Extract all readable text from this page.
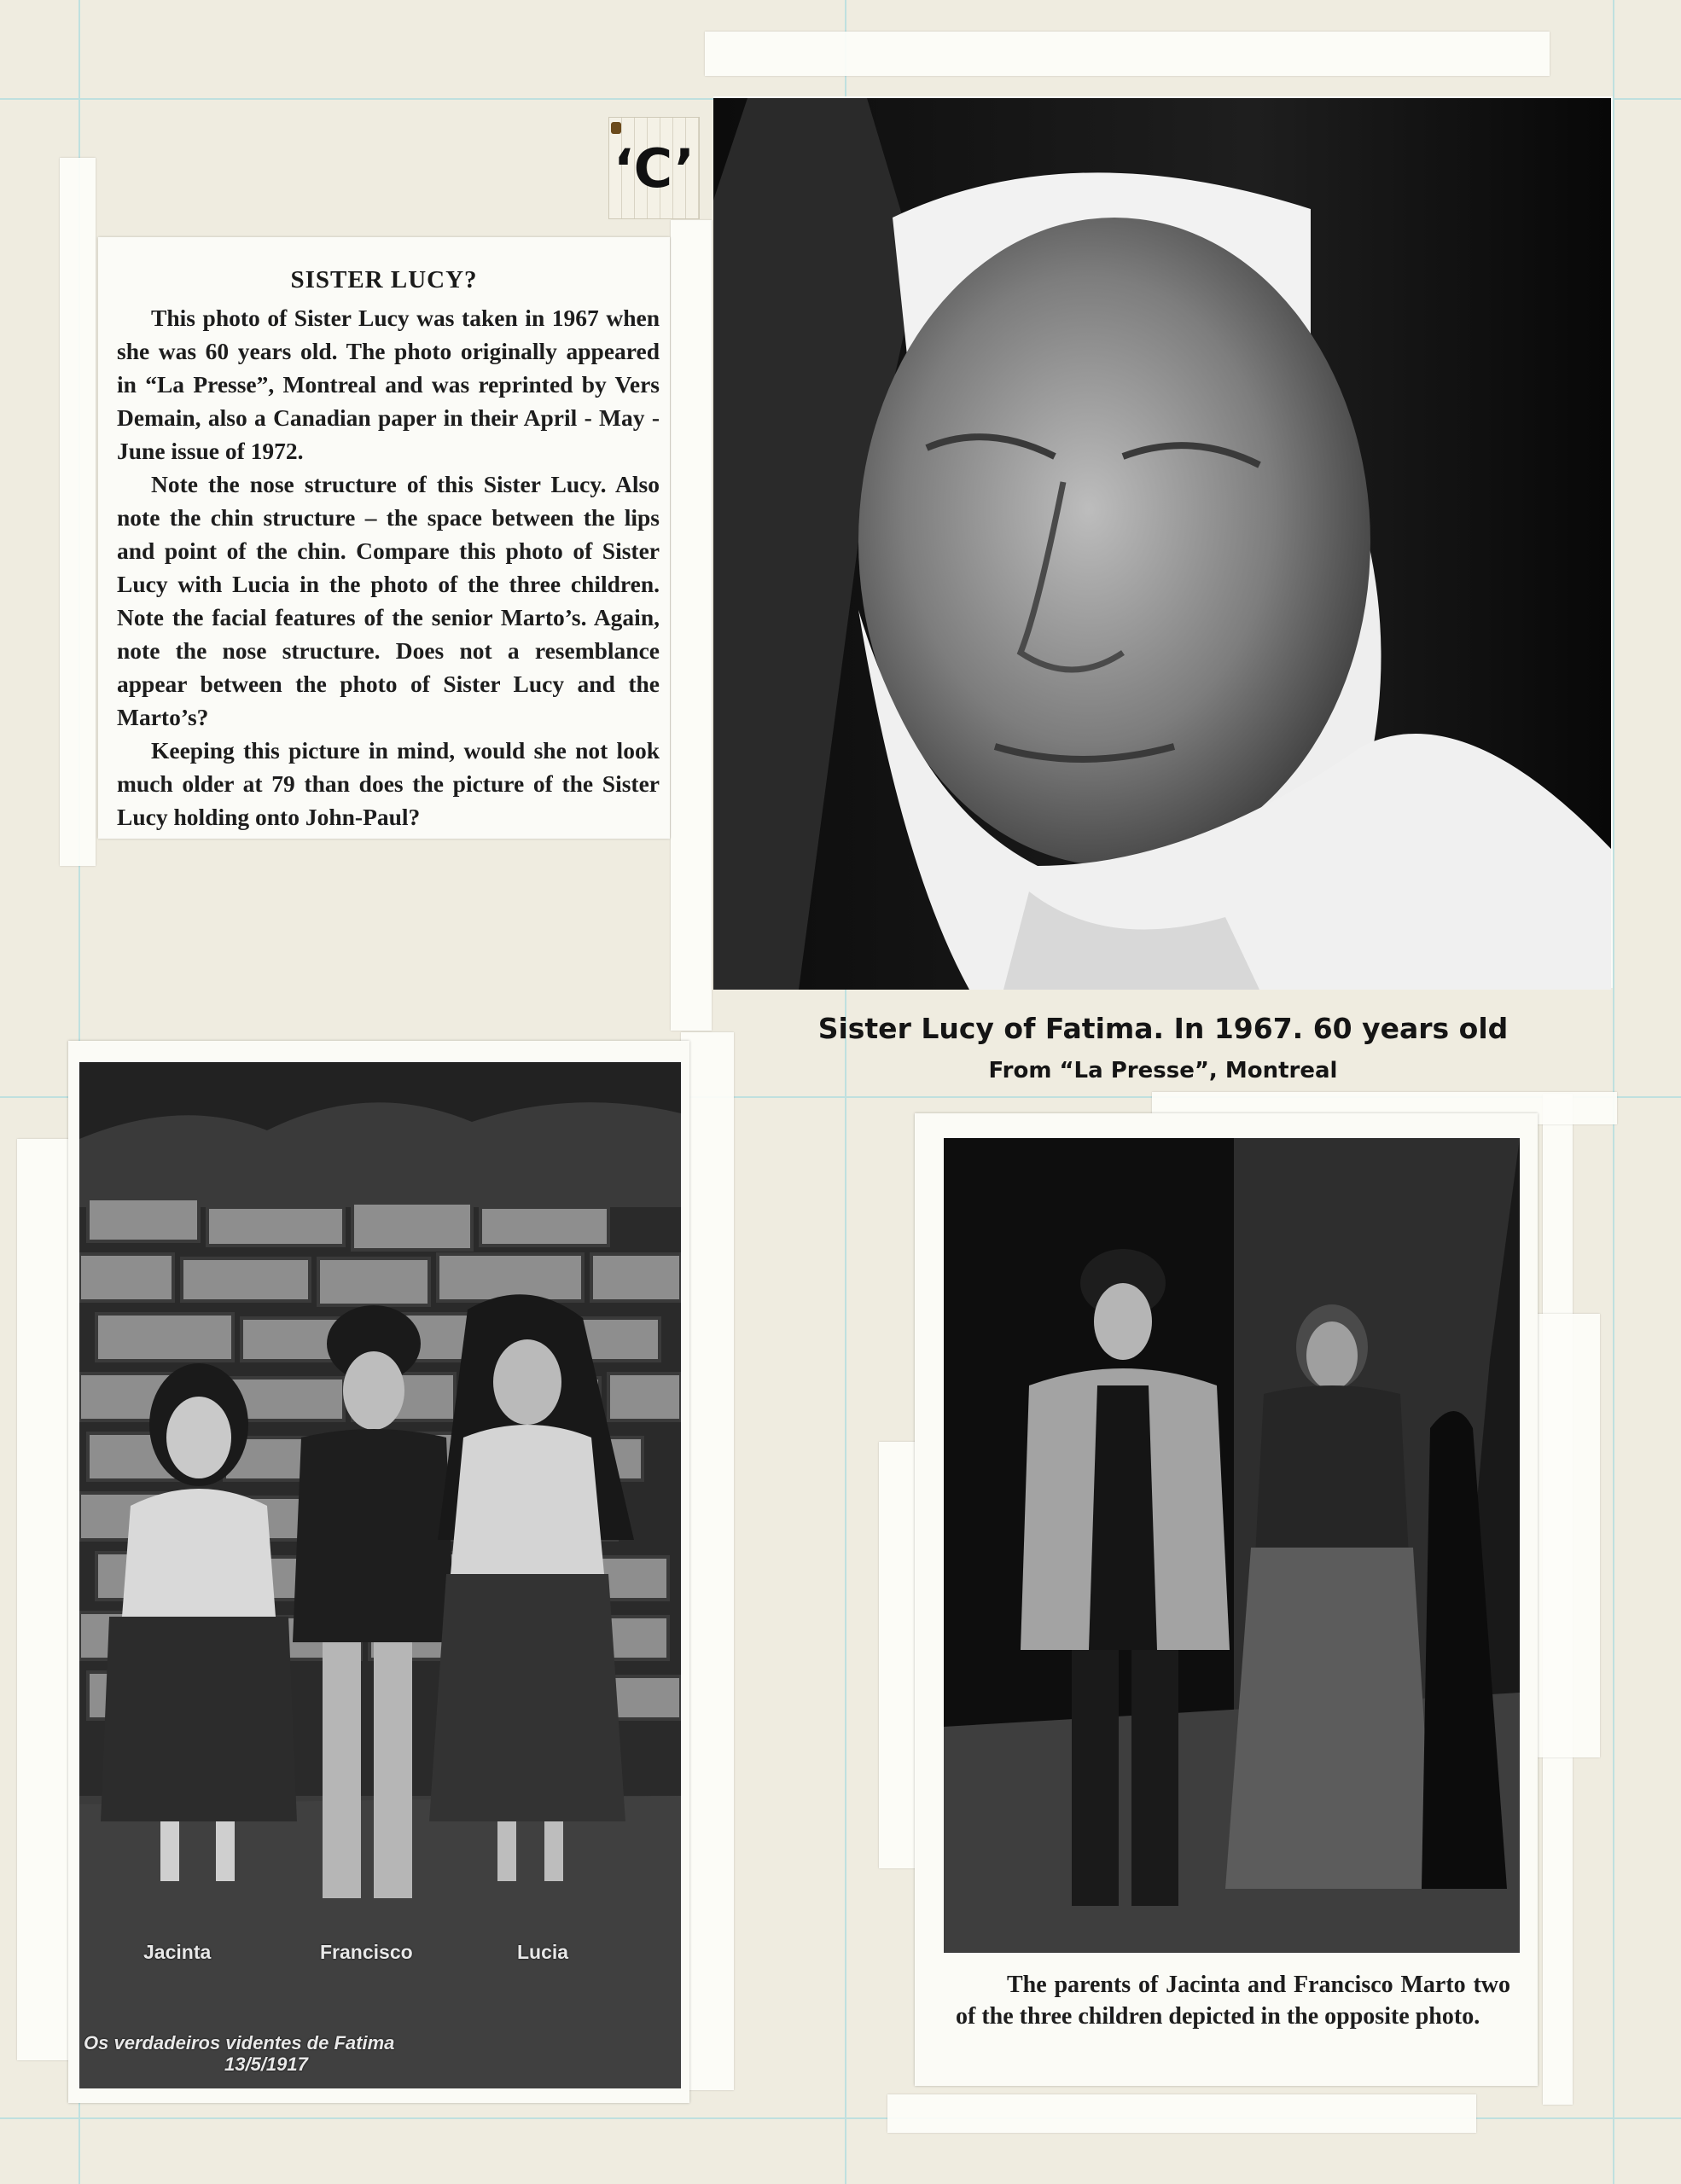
‘C’
SISTER LUCY?

This photo of Sister Lucy was taken in 1967 when she was 60 years old. The photo originally appeared in “La Presse”, Montreal and was reprinted by Vers Demain, also a Canadian paper in their April - May - June issue of 1972.

Note the nose structure of this Sister Lucy. Also note the chin structure – the space between the lips and point of the chin. Compare this photo of Sister Lucy with Lucia in the photo of the three children. Note the facial features of the senior Marto’s. Again, note the nose structure. Does not a resemblance appear between the photo of Sister Lucy and the Marto’s?

Keeping this picture in mind, would she not look much older at 79 than does the picture of the Sister Lucy holding onto John-Paul?

Sister Lucy of Fatima. In 1967. 60 years old
From “La Presse”, Montreal
Jacinta	Francisco	Lucia
Os verdadeiros videntes de Fatima
13/5/1917

The parents of Jacinta and Francisco Marto two of the three children depicted in the opposite photo.
